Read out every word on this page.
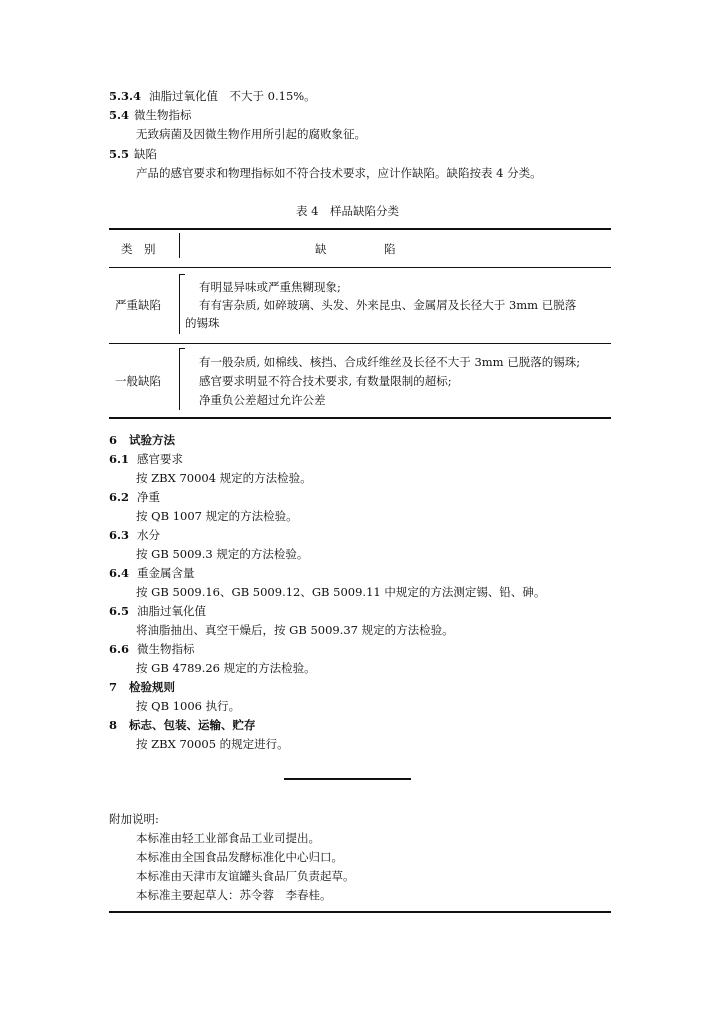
5.3.4 油脂过氧化值　不大于 0.15%。
5.4 微生物指标
无致病菌及因微生物作用所引起的腐败象征。
5.5 缺陷
产品的感官要求和物理指标如不符合技术要求，应计作缺陷。缺陷按表 4 分类。
表 4　样品缺陷分类
类　别	缺　　　　　陷
严重缺陷
有明显异味或严重焦糊现象;
有有害杂质, 如碎玻璃、头发、外来昆虫、金属屑及长径大于 3mm 已脱落
的锡珠
一般缺陷
有一般杂质, 如棉线、核挡、合成纤维丝及长径不大于 3mm 已脱落的锡珠;
感官要求明显不符合技术要求, 有数量限制的超标;
净重负公差超过允许公差
6 试验方法
6.1 感官要求
按 ZBX 70004 规定的方法检验。
6.2 净重
按 QB 1007 规定的方法检验。
6.3 水分
按 GB 5009.3 规定的方法检验。
6.4 重金属含量
按 GB 5009.16、GB 5009.12、GB 5009.11 中规定的方法测定锡、铅、砷。
6.5 油脂过氧化值
将油脂抽出、真空干燥后，按 GB 5009.37 规定的方法检验。
6.6 微生物指标
按 GB 4789.26 规定的方法检验。
7 检验规则
按 QB 1006 执行。
8 标志、包装、运输、贮存
按 ZBX 70005 的规定进行。
附加说明:
本标准由轻工业部食品工业司提出。
本标准由全国食品发酵标准化中心归口。
本标准由天津市友谊罐头食品厂负责起草。
本标准主要起草人：苏令蓉　李春桂。
